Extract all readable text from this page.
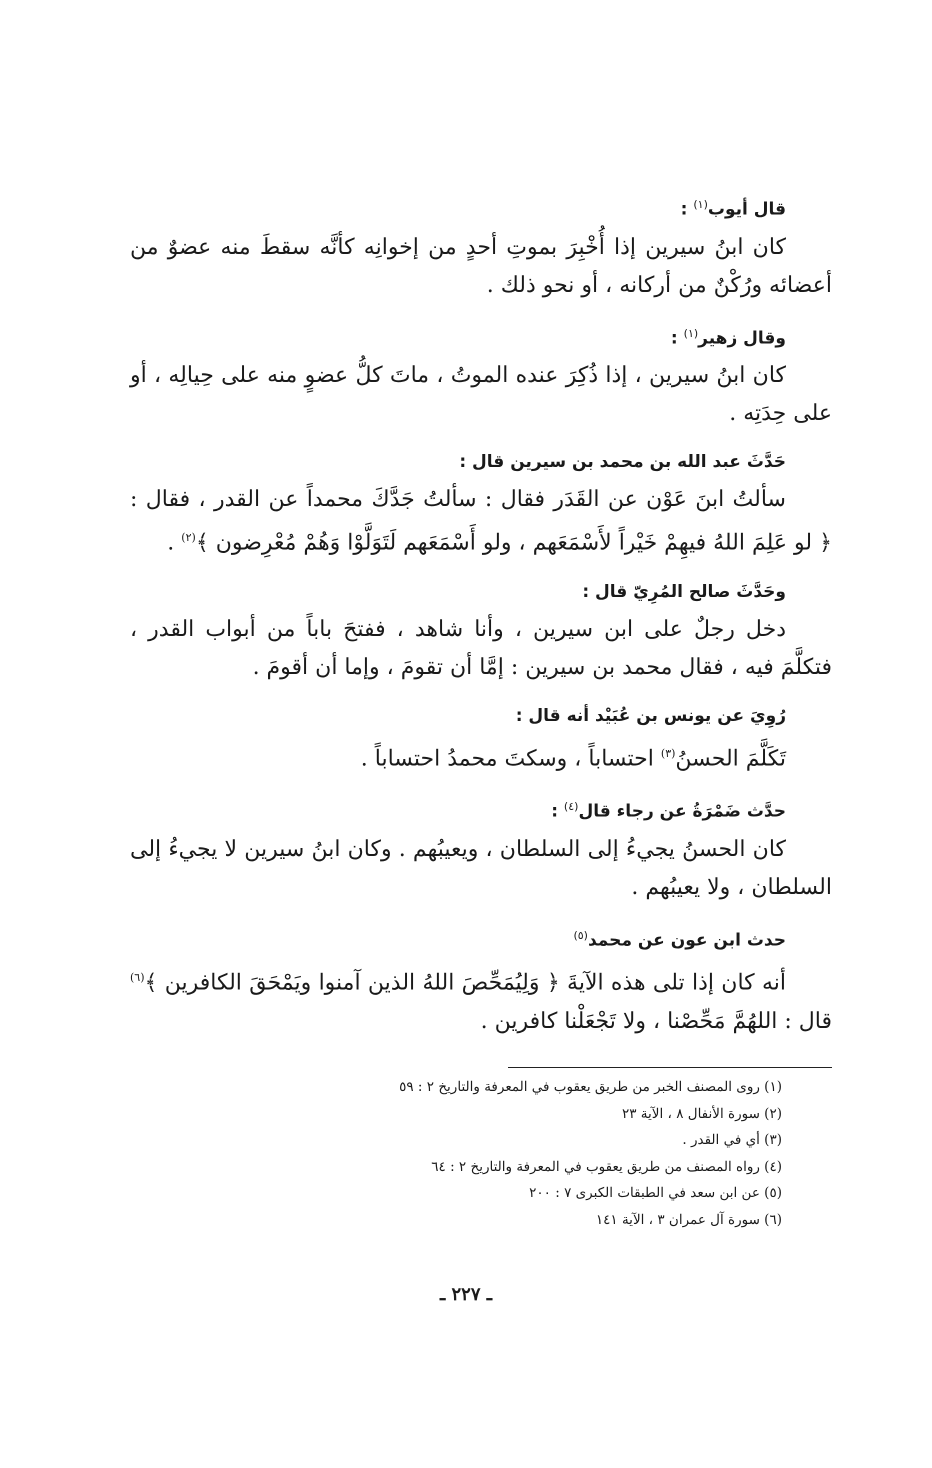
قال أيوب$^{(١)}$ :

كان ابنُ سيرين إذا أُخْبِرَ بموتِ أحدٍ من إخوانِه كأنَّه سقطَ منه عضوٌ من أعضائه ورُكْنٌ من أركانه ، أو نحو ذلك .

وقال زهير$^{(١)}$ :

كان ابنُ سيرين ، إذا ذُكِرَ عنده الموتُ ، ماتَ كلُّ عضوٍ منه على حِيالِه ، أو على حِدَتِه .

حَدَّثَ عبد الله بن محمد بن سيرين قال :

سألتُ ابنَ عَوْن عن القَدَر فقال : سألتُ جَدَّكَ محمداً عن القدر ، فقال : ﴿ لو عَلِمَ اللهُ فيهِمْ خَيْراً لأَسْمَعَهم ، ولو أَسْمَعَهم لَتَوَلَّوْا وَهُمْ مُعْرِضون ﴾$^{(٢)}$ .

وحَدَّثَ صالح المُرِيّ قال :

دخل رجلٌ على ابن سيرين ، وأنا شاهد ، ففتحَ باباً من أبواب القدر ، فتكلَّمَ فيه ، فقال محمد بن سيرين : إمَّا أن تقومَ ، وإما أن أقومَ .

رُوِيَ عن يونس بن عُبَيْد أنه قال :

تَكَلَّمَ الحسنُ$^{(٣)}$ احتساباً ، وسكتَ محمدُ احتساباً .

حدَّث ضَمْرَةُ عن رجاء قال$^{(٤)}$ :

كان الحسنُ يجيءُ إلى السلطان ، ويعيبُهم . وكان ابنُ سيرين لا يجيءُ إلى السلطان ، ولا يعيبُهم .

حدث ابن عون عن محمد$^{(٥)}$

أنه كان إذا تلى هذه الآيةَ ﴿ وَلِيُمَحِّصَ اللهُ الذين آمنوا ويَمْحَقَ الكافرين ﴾$^{(٦)}$ قال : اللهُمَّ مَحِّصْنا ، ولا تَجْعَلْنا كافرين .

(١) روى المصنف الخبر من طريق يعقوب في المعرفة والتاريخ ٢ : ٥٩
(٢) سورة الأنفال ٨ ، الآية ٢٣
(٣) أي في القدر .
(٤) رواه المصنف من طريق يعقوب في المعرفة والتاريخ ٢ : ٦٤
(٥) عن ابن سعد في الطبقات الكبرى ٧ : ٢٠٠
(٦) سورة آل عمران ٣ ، الآية ١٤١
ـ ٢٢٧ ـ
